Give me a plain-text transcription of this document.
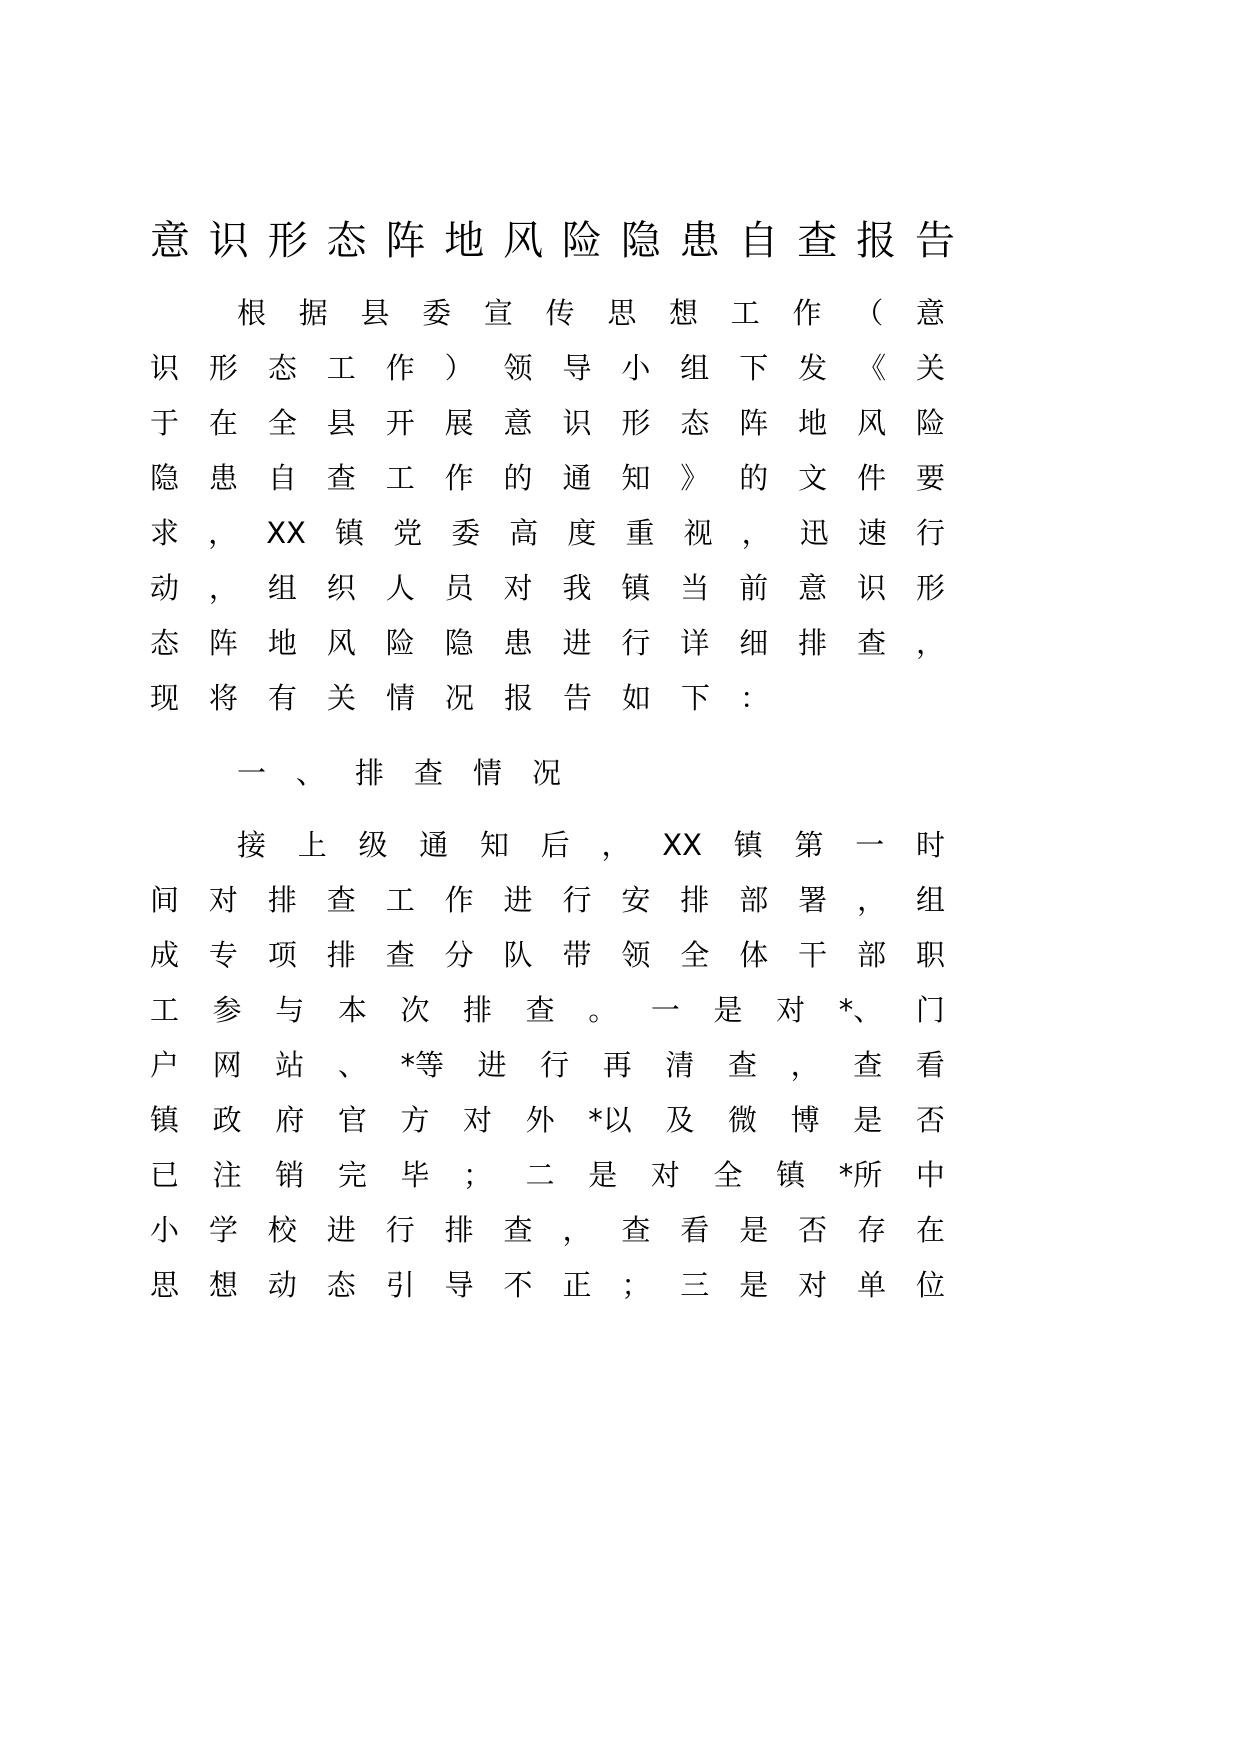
意 识 形 态 阵 地 风 险 隐 患 自 查 报 告
根 据 县 委 宣 传 思 想 工 作 （ 意
识 形 态 工 作 ） 领 导 小 组 下 发 《 关
于 在 全 县 开 展 意 识 形 态 阵 地 风 险
隐 患 自 查 工 作 的 通 知 》 的 文 件 要
求 ， XX 镇 党 委 高 度 重 视 ， 迅 速 行
动 ， 组 织 人 员 对 我 镇 当 前 意 识 形
态 阵 地 风 险 隐 患 进 行 详 细 排 查 ，
现	将	有	关	情	况	报	告	如	下	：
一	、	排	查	情	况
接 上 级 通 知 后 ， XX 镇 第 一 时
间 对 排 查 工 作 进 行 安 排 部 署 ， 组
成 专 项 排 查 分 队 带 领 全 体 干 部 职
工 参 与 本 次 排 查 。 一 是 对 *、 门
户 网 站 、 *等 进 行 再 清 查 ， 查 看
镇 政 府 官 方 对 外 *以 及 微 博 是 否
已 注 销 完 毕 ； 二 是 对 全 镇 *所 中
小 学 校 进 行 排 查 ， 查 看 是 否 存 在
思 想 动 态 引 导 不 正 ； 三 是 对 单 位
